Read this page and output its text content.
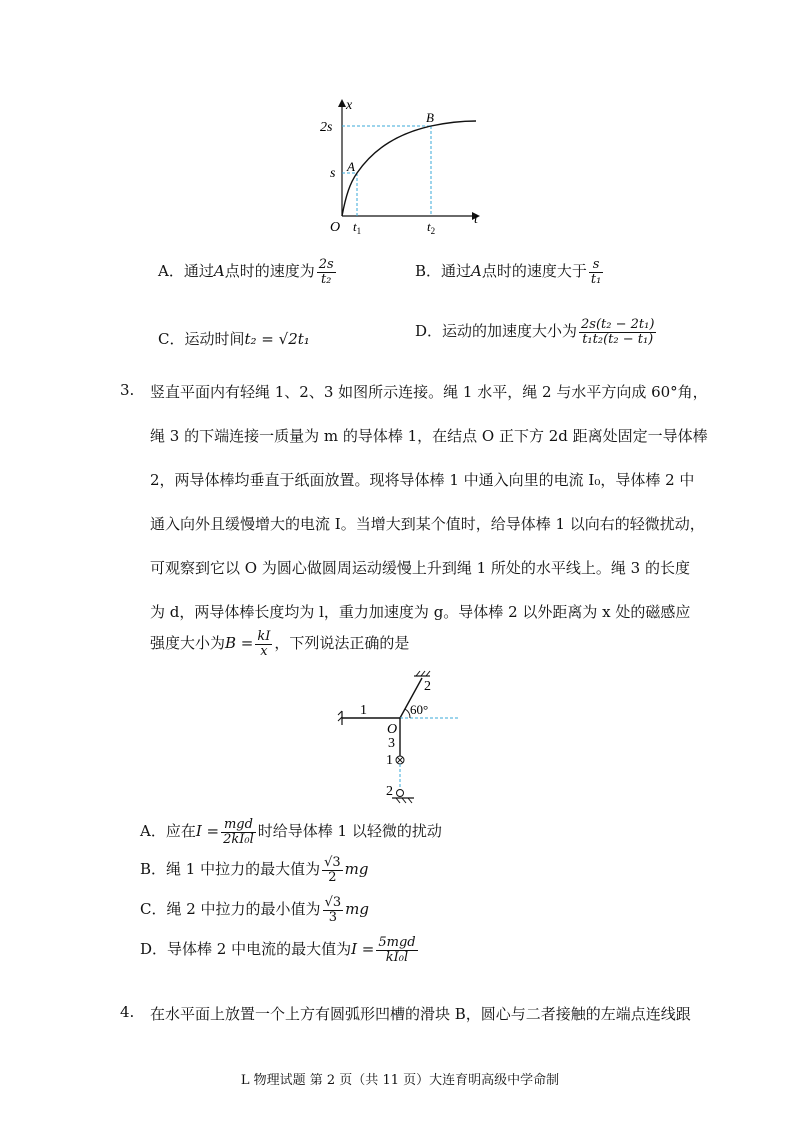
x
t
O
2s
s A
B
$t_1$	$t_2$
A．通过A点时的速度为 $\frac{2s}{\text{t₂}}$	B．通过A点时的速度大于 $\frac{s}{\text{t₁}}$
C．运动时间t₂ = √2t₁	D．运动的加速度大小为 $\frac{\text{2s(t₂ − 2t₁)}}{\text{t₁t₂(t₂ − t₁)}}$
3. 竖直平面内有轻绳 1、2、3 如图所示连接。绳 1 水平，绳 2 与水平方向成 60°角，
绳 3 的下端连接一质量为 m 的导体棒 1，在结点 O 正下方 2d 距离处固定一导体棒
2，两导体棒均垂直于纸面放置。现将导体棒 1 中通入向里的电流 I₀，导体棒 2 中
通入向外且缓慢增大的电流 I。当增大到某个值时，给导体棒 1 以向右的轻微扰动，
可观察到它以 O 为圆心做圆周运动缓慢上升到绳 1 所处的水平线上。绳 3 的长度
为 d，两导体棒长度均为 l，重力加速度为 g。导体棒 2 以外距离为 x 处的磁感应
强度大小为$B = \frac{kI}{x}$ ，下列说法正确的是
1
2
60°
O
3
1
2
A．应在$I = \frac{\text{mgd}}{\text{2kI₀l}}$ 时给导体棒 1 以轻微的扰动
B．绳 1 中拉力的最大值为 $\frac{√3}{2}$ mg
C．绳 2 中拉力的最小值为 $\frac{√3}{3}$ mg
D．导体棒 2 中电流的最大值为$I = \frac{\text{5mgd}}{\text{kI₀l}}$
4. 在水平面上放置一个上方有圆弧形凹槽的滑块 B，圆心与二者接触的左端点连线跟
L 物理试题 第 2 页（共 11 页）大连育明高级中学命制
